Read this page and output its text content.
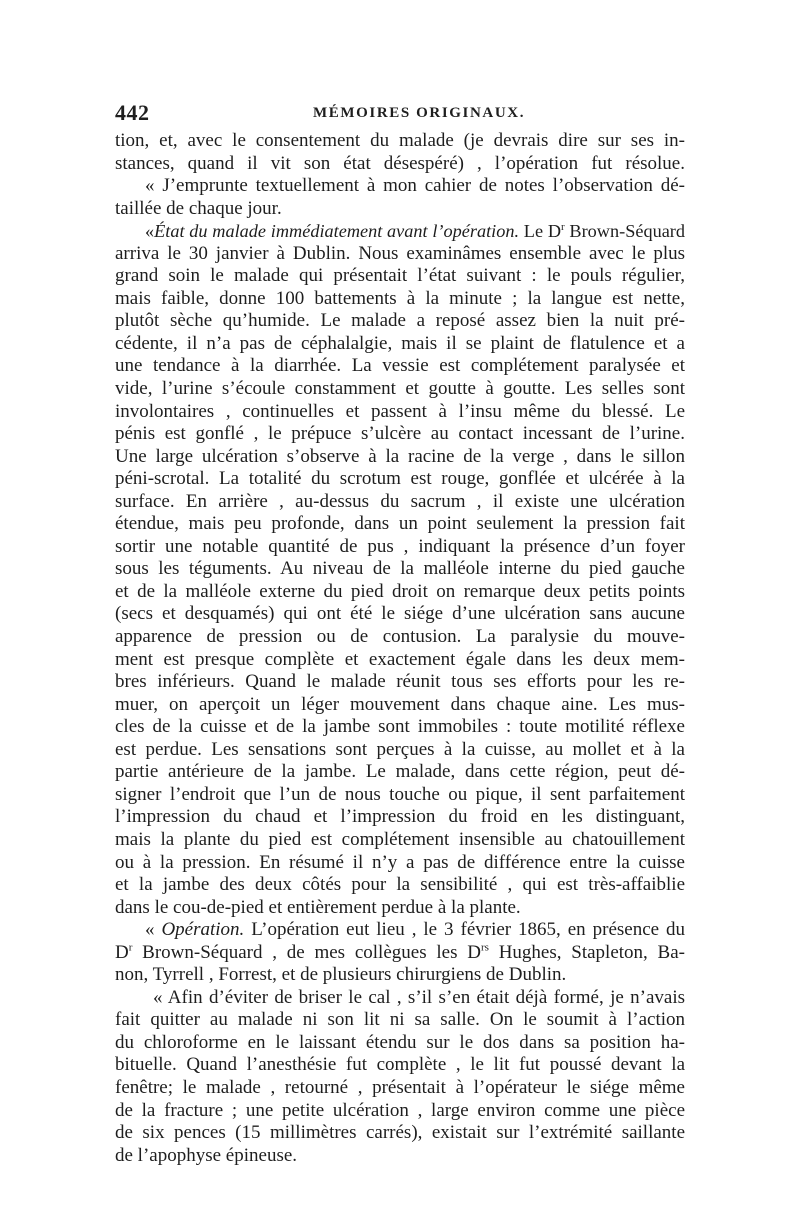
442	MÉMOIRES ORIGINAUX.
tion, et, avec le consentement du malade (je devrais dire sur ses in-
stances, quand il vit son état désespéré) , l’opération fut résolue.
« J’emprunte textuellement à mon cahier de notes l’observation dé-
taillée de chaque jour.
«État du malade immédiatement avant l’opération. Le $D^r$ Brown-Séquard
arriva le 30 janvier à Dublin. Nous examinâmes ensemble avec le plus
grand soin le malade qui présentait l’état suivant : le pouls régulier,
mais faible, donne 100 battements à la minute ; la langue est nette,
plutôt sèche qu’humide. Le malade a reposé assez bien la nuit pré-
cédente, il n’a pas de céphalalgie, mais il se plaint de flatulence et a
une tendance à la diarrhée. La vessie est complétement paralysée et
vide, l’urine s’écoule constamment et goutte à goutte. Les selles sont
involontaires , continuelles et passent à l’insu même du blessé. Le
pénis est gonflé , le prépuce s’ulcère au contact incessant de l’urine.
Une large ulcération s’observe à la racine de la verge , dans le sillon
péni-scrotal. La totalité du scrotum est rouge, gonflée et ulcérée à la
surface. En arrière , au-dessus du sacrum , il existe une ulcération
étendue, mais peu profonde, dans un point seulement la pression fait
sortir une notable quantité de pus , indiquant la présence d’un foyer
sous les téguments. Au niveau de la malléole interne du pied gauche
et de la malléole externe du pied droit on remarque deux petits points
(secs et desquamés) qui ont été le siége d’une ulcération sans aucune
apparence de pression ou de contusion. La paralysie du mouve-
ment est presque complète et exactement égale dans les deux mem-
bres inférieurs. Quand le malade réunit tous ses efforts pour les re-
muer, on aperçoit un léger mouvement dans chaque aine. Les mus-
cles de la cuisse et de la jambe sont immobiles : toute motilité réflexe
est perdue. Les sensations sont perçues à la cuisse, au mollet et à la
partie antérieure de la jambe. Le malade, dans cette région, peut dé-
signer l’endroit que l’un de nous touche ou pique, il sent parfaitement
l’impression du chaud et l’impression du froid en les distinguant,
mais la plante du pied est complétement insensible au chatouillement
ou à la pression. En résumé il n’y a pas de différence entre la cuisse
et la jambe des deux côtés pour la sensibilité , qui est très-affaiblie
dans le cou-de-pied et entièrement perdue à la plante.
« Opération. L’opération eut lieu , le 3 février 1865, en présence du
$D^r$ Brown-Séquard , de mes collègues les $D^{rs}$ Hughes, Stapleton, Ba-
non, Tyrrell , Forrest, et de plusieurs chirurgiens de Dublin.
« Afin d’éviter de briser le cal , s’il s’en était déjà formé, je n’avais
fait quitter au malade ni son lit ni sa salle. On le soumit à l’action
du chloroforme en le laissant étendu sur le dos dans sa position ha-
bituelle. Quand l’anesthésie fut complète , le lit fut poussé devant la
fenêtre; le malade , retourné , présentait à l’opérateur le siége même
de la fracture ; une petite ulcération , large environ comme une pièce
de six pences (15 millimètres carrés), existait sur l’extrémité saillante
de l’apophyse épineuse.
